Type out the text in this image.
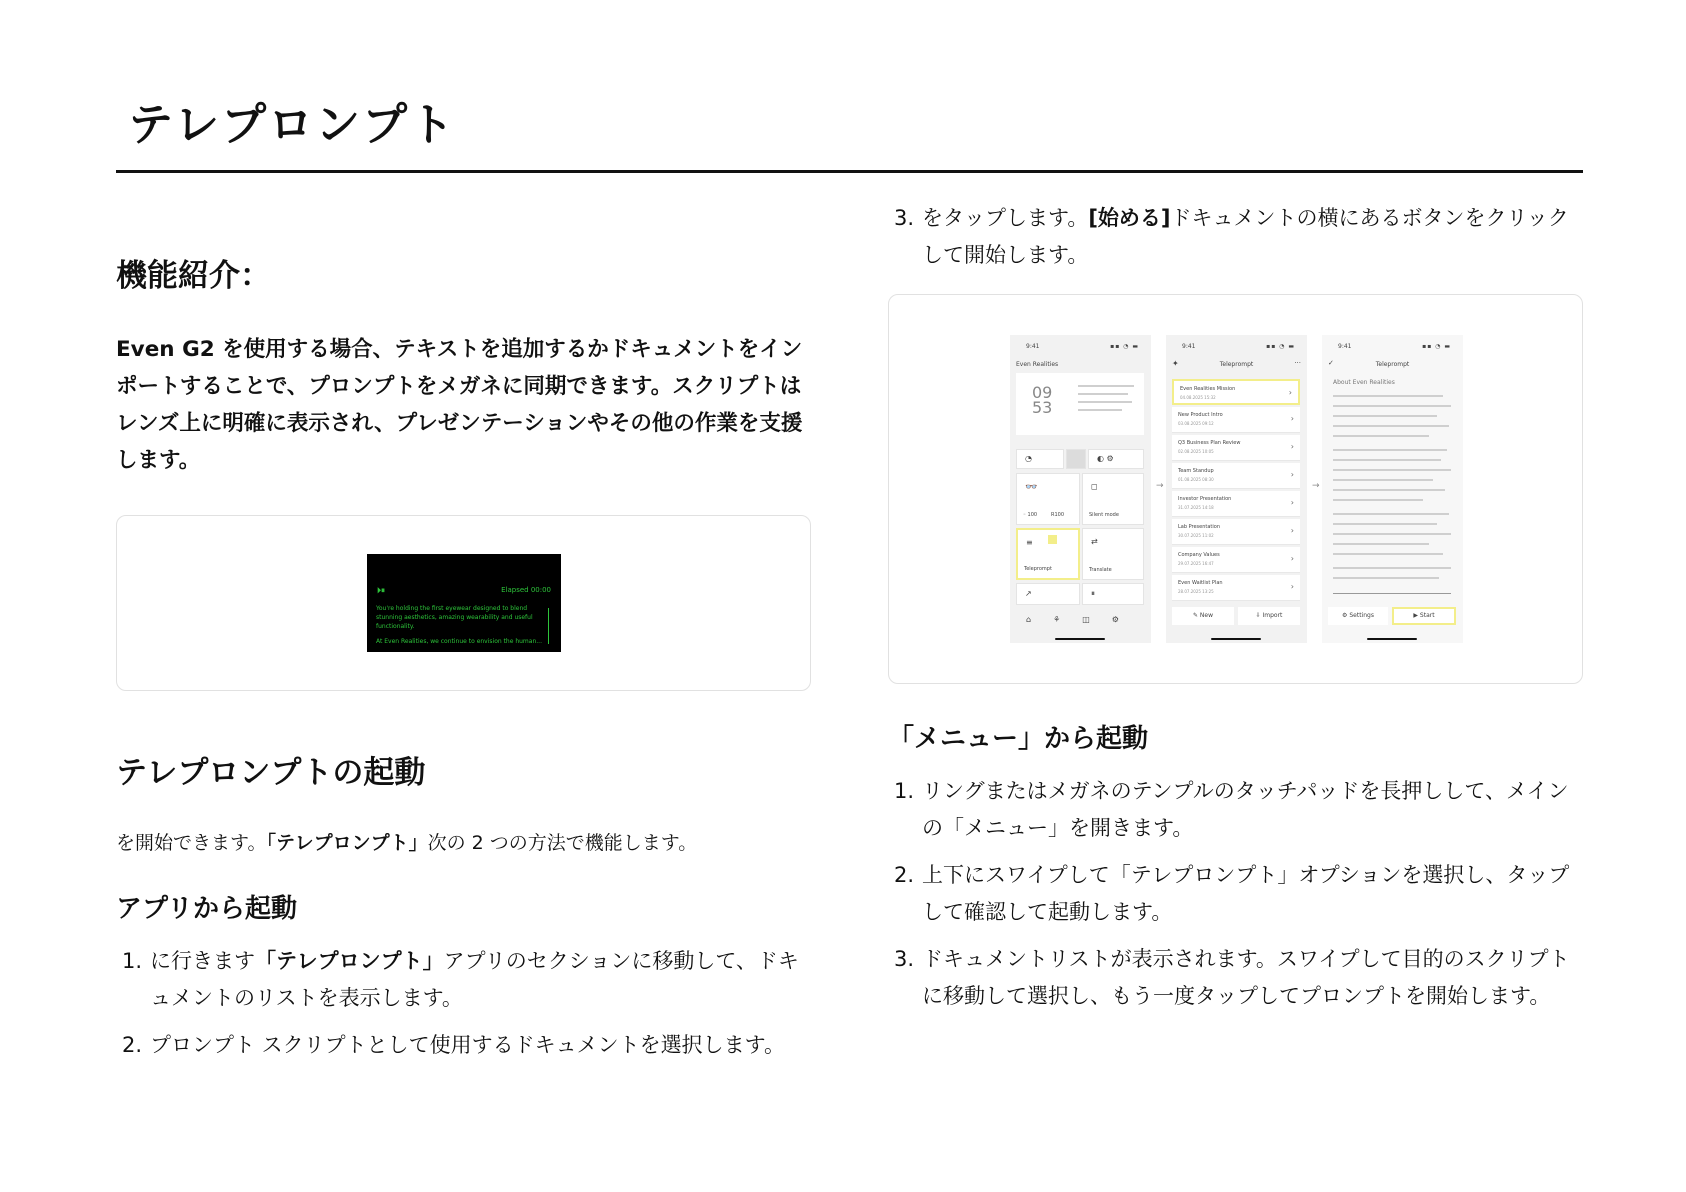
テレプロンプト
機能紹介：
Even G2 を使用する場合、テキストを追加するかドキュメントをインポートすることで、プロンプトをメガネに同期できます。スクリプトはレンズ上に明確に表示され、プレゼンテーションやその他の作業を支援します。
⏵⏸	Elapsed 00:00
You're holding the first eyewear designed to blend stunning aesthetics, amazing wearability and useful functionality.
At Even Realities, we continue to envision the human...
テレプロンプトの起動
を開始できます。「テレプロンプト」次の 2 つの方法で機能します。
アプリから起動
1. に行きます「テレプロンプト」アプリのセクションに移動して、ドキュメントのリストを表示します。
2. プロンプト スクリプトとして使用するドキュメントを選択します。
3. をタップします。[始める]ドキュメントの横にあるボタンをクリックして開始します。
9:41	▪▪ ◔ ▬
Even Realities
09
53
◔	◐ ⚙
👓
◦ 100	R100
◻
Silent mode
≡
Teleprompt
⇄
Translate
↗	⏸
⌂⚘◫⚙
→
9:41	▪▪ ◔ ▬
✦	Teleprompt	···
Even Realities Mission
04.08.2025 15:32
›
New Product Intro
03.08.2025 09:12
›
Q3 Business Plan Review
02.08.2025 10:05
›
Team Standup
01.08.2025 08:30
›
Investor Presentation
31.07.2025 14:18
›
Lab Presentation
30.07.2025 11:02
›
Company Values
29.07.2025 16:47
›
Even Waitlist Plan
28.07.2025 13:25
›
✎ New	⇩ Import
→
9:41	▪▪ ◔ ▬
✓	Teleprompt
About Even Realities
⚙ Settings	▶ Start
「メニュー」から起動
1. リングまたはメガネのテンプルのタッチパッドを長押しして、メインの「メニュー」を開きます。
2. 上下にスワイプして「テレプロンプト」オプションを選択し、タップして確認して起動します。
3. ドキュメントリストが表示されます。スワイプして目的のスクリプトに移動して選択し、もう一度タップしてプロンプトを開始します。
